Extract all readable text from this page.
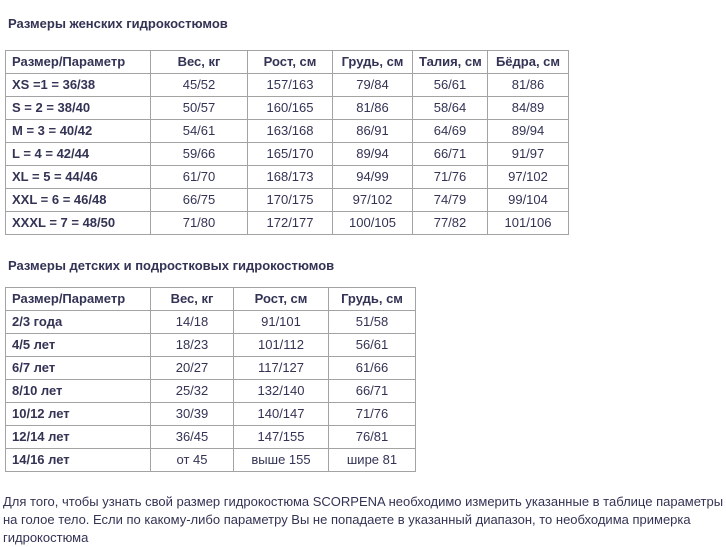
Размеры женских гидрокостюмов
Размер/Параметр	Вес, кг	Рост, см	Грудь, см	Талия, см	Бёдра, см
XS =1 = 36/38	45/52	157/163	79/84	56/61	81/86
S = 2 = 38/40	50/57	160/165	81/86	58/64	84/89
M = 3 = 40/42	54/61	163/168	86/91	64/69	89/94
L = 4 = 42/44	59/66	165/170	89/94	66/71	91/97
XL = 5 = 44/46	61/70	168/173	94/99	71/76	97/102
XXL = 6 = 46/48	66/75	170/175	97/102	74/79	99/104
XXXL = 7 = 48/50	71/80	172/177	100/105	77/82	101/106
Размеры детских и подростковых гидрокостюмов
Размер/Параметр	Вес, кг	Рост, см	Грудь, см
2/3 года	14/18	91/101	51/58
4/5 лет	18/23	101/112	56/61
6/7 лет	20/27	117/127	61/66
8/10 лет	25/32	132/140	66/71
10/12 лет	30/39	140/147	71/76
12/14 лет	36/45	147/155	76/81
14/16 лет	от 45	выше 155	шире 81

Для того, чтобы узнать свой размер гидрокостюма SCORPENA необходимо измерить указанные в таблице параметры на голое тело. Если по какому-либо параметру Вы не попадаете в указанный диапазон, то необходима примерка гидрокостюма
